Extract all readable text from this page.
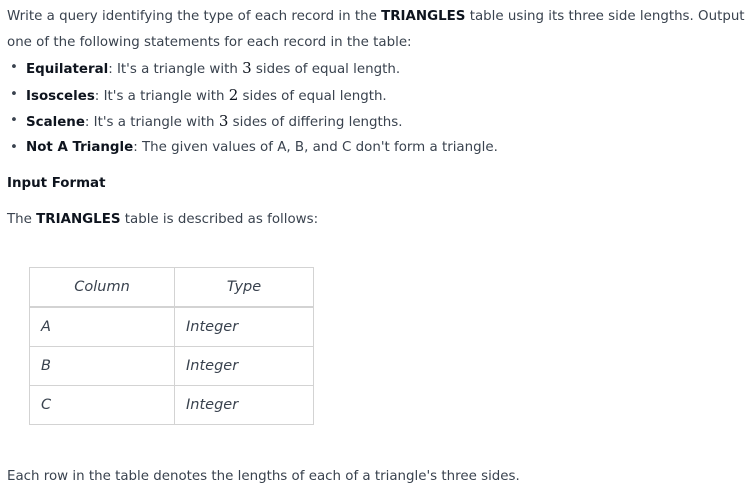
Write a query identifying the type of each record in the TRIANGLES table using its three side lengths. Output one of the following statements for each record in the table:

• Equilateral: It's a triangle with 3 sides of equal length.
• Isosceles: It's a triangle with 2 sides of equal length.
• Scalene: It's a triangle with 3 sides of differing lengths.
• Not A Triangle: The given values of A, B, and C don't form a triangle.

Input Format

The TRIANGLES table is described as follows:

Column	Type
A	Integer
B	Integer
C	Integer

Each row in the table denotes the lengths of each of a triangle's three sides.
